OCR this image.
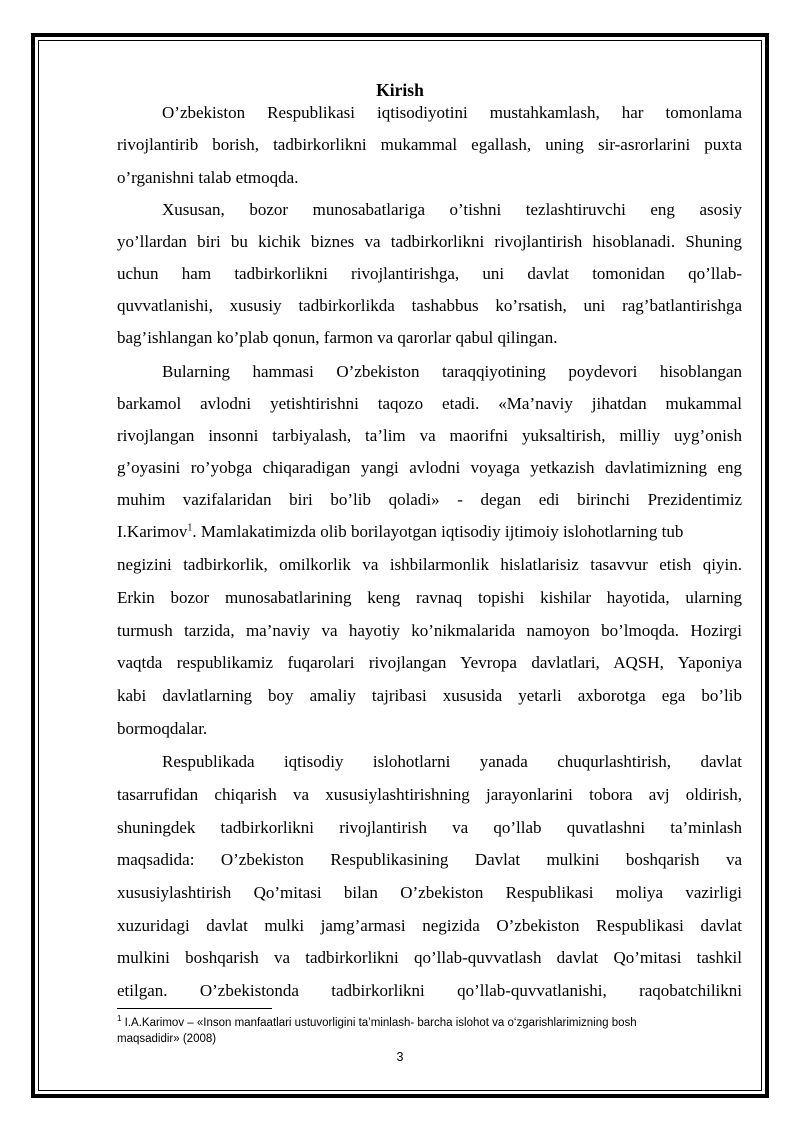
Kirish
O’zbekiston Respublikasi iqtisodiyotini mustahkamlash, har tomonlama
rivojlantirib borish, tadbirkorlikni mukammal egallash, uning sir-asrorlarini puxta
o’rganishni talab etmoqda.
Xususan, bozor munosabatlariga o’tishni tezlashtiruvchi eng asosiy
yo’llardan biri bu kichik biznes va tadbirkorlikni rivojlantirish hisoblanadi. Shuning
uchun ham tadbirkorlikni rivojlantirishga, uni davlat tomonidan qo’llab-
quvvatlanishi, xususiy tadbirkorlikda tashabbus ko’rsatish, uni rag’batlantirishga
bag’ishlangan ko’plab qonun, farmon va qarorlar qabul qilingan.
Bularning hammasi O’zbekiston taraqqiyotining poydevori hisoblangan
barkamol avlodni yetishtirishni taqozo etadi. «Ma’naviy jihatdan mukammal
rivojlangan insonni tarbiyalash, ta’lim va maorifni yuksaltirish, milliy uyg’onish
g’oyasini ro’yobga chiqaradigan yangi avlodni voyaga yetkazish davlatimizning eng
muhim vazifalaridan biri bo’lib qoladi» - degan edi birinchi Prezidentimiz
I.Karimov$^1$. Mamlakatimizda olib borilayotgan iqtisodiy ijtimoiy islohotlarning tub
negizini tadbirkorlik, omilkorlik va ishbilarmonlik hislatlarisiz tasavvur etish qiyin.
Erkin bozor munosabatlarining keng ravnaq topishi kishilar hayotida, ularning
turmush tarzida, ma’naviy va hayotiy ko’nikmalarida namoyon bo’lmoqda. Hozirgi
vaqtda respublikamiz fuqarolari rivojlangan Yevropa davlatlari, AQSH, Yaponiya
kabi davlatlarning boy amaliy tajribasi xususida yetarli axborotga ega bo’lib
bormoqdalar.
Respublikada iqtisodiy islohotlarni yanada chuqurlashtirish, davlat
tasarrufidan chiqarish va xususiylashtirishning jarayonlarini tobora avj oldirish,
shuningdek tadbirkorlikni rivojlantirish va qo’llab quvatlashni ta’minlash
maqsadida: O’zbekiston Respublikasining Davlat mulkini boshqarish va
xususiylashtirish Qo’mitasi bilan O’zbekiston Respublikasi moliya vazirligi
xuzuridagi davlat mulki jamg’armasi negizida O’zbekiston Respublikasi davlat
mulkini boshqarish va tadbirkorlikni qo’llab-quvvatlash davlat Qo’mitasi tashkil
etilgan. O’zbekistonda tadbirkorlikni qo’llab-quvvatlanishi, raqobatchilikni
$^1$ I.A.Karimov – «Inson manfaatlari ustuvorligini ta’minlash- barcha islohot va o‘zgarishlarimizning bosh
maqsadidir» (2008)
3
